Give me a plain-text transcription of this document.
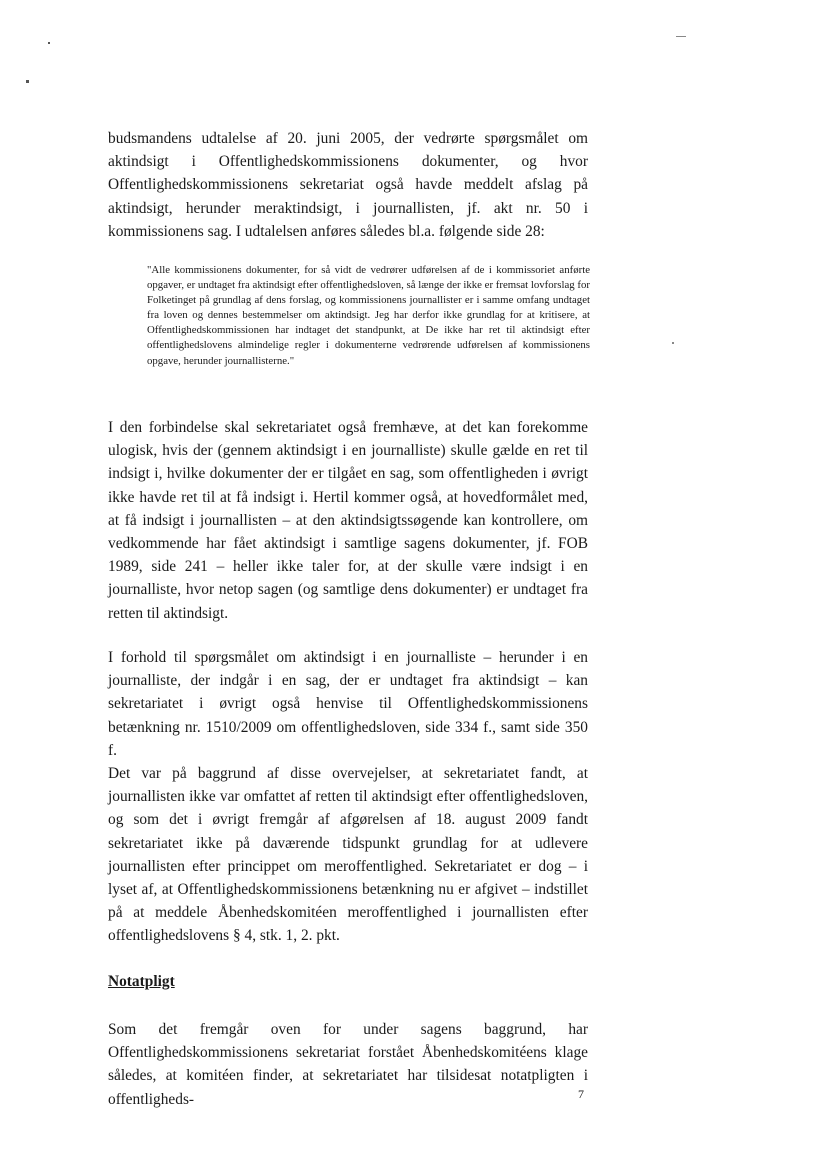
budsmandens udtalelse af 20. juni 2005, der vedrørte spørgsmålet om aktindsigt i Offentlighedskommissionens dokumenter, og hvor Offentlighedskommissionens sekretariat også havde meddelt afslag på aktindsigt, herunder meraktindsigt, i journallisten, jf. akt nr. 50 i kommissionens sag. I udtalelsen anføres således bl.a. følgende side 28:

"Alle kommissionens dokumenter, for så vidt de vedrører udførelsen af de i kommissoriet anførte opgaver, er undtaget fra aktindsigt efter offentlighedsloven, så længe der ikke er fremsat lovforslag for Folketinget på grundlag af dens forslag, og kommissionens journallister er i samme omfang undtaget fra loven og dennes bestemmelser om aktindsigt. Jeg har derfor ikke grundlag for at kritisere, at Offentlighedskommissionen har indtaget det standpunkt, at De ikke har ret til aktindsigt efter offentlighedslovens almindelige regler i dokumenterne vedrørende udførelsen af kommissionens opgave, herunder journallisterne."

I den forbindelse skal sekretariatet også fremhæve, at det kan forekomme ulogisk, hvis der (gennem aktindsigt i en journalliste) skulle gælde en ret til indsigt i, hvilke dokumenter der er tilgået en sag, som offentligheden i øvrigt ikke havde ret til at få indsigt i. Hertil kommer også, at hovedformålet med, at få indsigt i journallisten – at den aktindsigtssøgende kan kontrollere, om vedkommende har fået aktindsigt i samtlige sagens dokumenter, jf. FOB 1989, side 241 – heller ikke taler for, at der skulle være indsigt i en journalliste, hvor netop sagen (og samtlige dens dokumenter) er undtaget fra retten til aktindsigt.

I forhold til spørgsmålet om aktindsigt i en journalliste – herunder i en journalliste, der indgår i en sag, der er undtaget fra aktindsigt – kan sekretariatet i øvrigt også henvise til Offentlighedskommissionens betænkning nr. 1510/2009 om offentlighedsloven, side 334 f., samt side 350 f.

Det var på baggrund af disse overvejelser, at sekretariatet fandt, at journallisten ikke var omfattet af retten til aktindsigt efter offentlighedsloven, og som det i øvrigt fremgår af afgørelsen af 18. august 2009 fandt sekretariatet ikke på daværende tidspunkt grundlag for at udlevere journallisten efter princippet om meroffentlighed. Sekretariatet er dog – i lyset af, at Offentlighedskommissionens betænkning nu er afgivet – indstillet på at meddele Åbenhedskomitéen meroffentlighed i journallisten efter offentlighedslovens § 4, stk. 1, 2. pkt.

Notatpligt

Som det fremgår oven for under sagens baggrund, har Offentlighedskommissionens sekretariat forstået Åbenhedskomitéens klage således, at komitéen finder, at sekretariatet har tilsidesat notatpligten i offentligheds-	7
